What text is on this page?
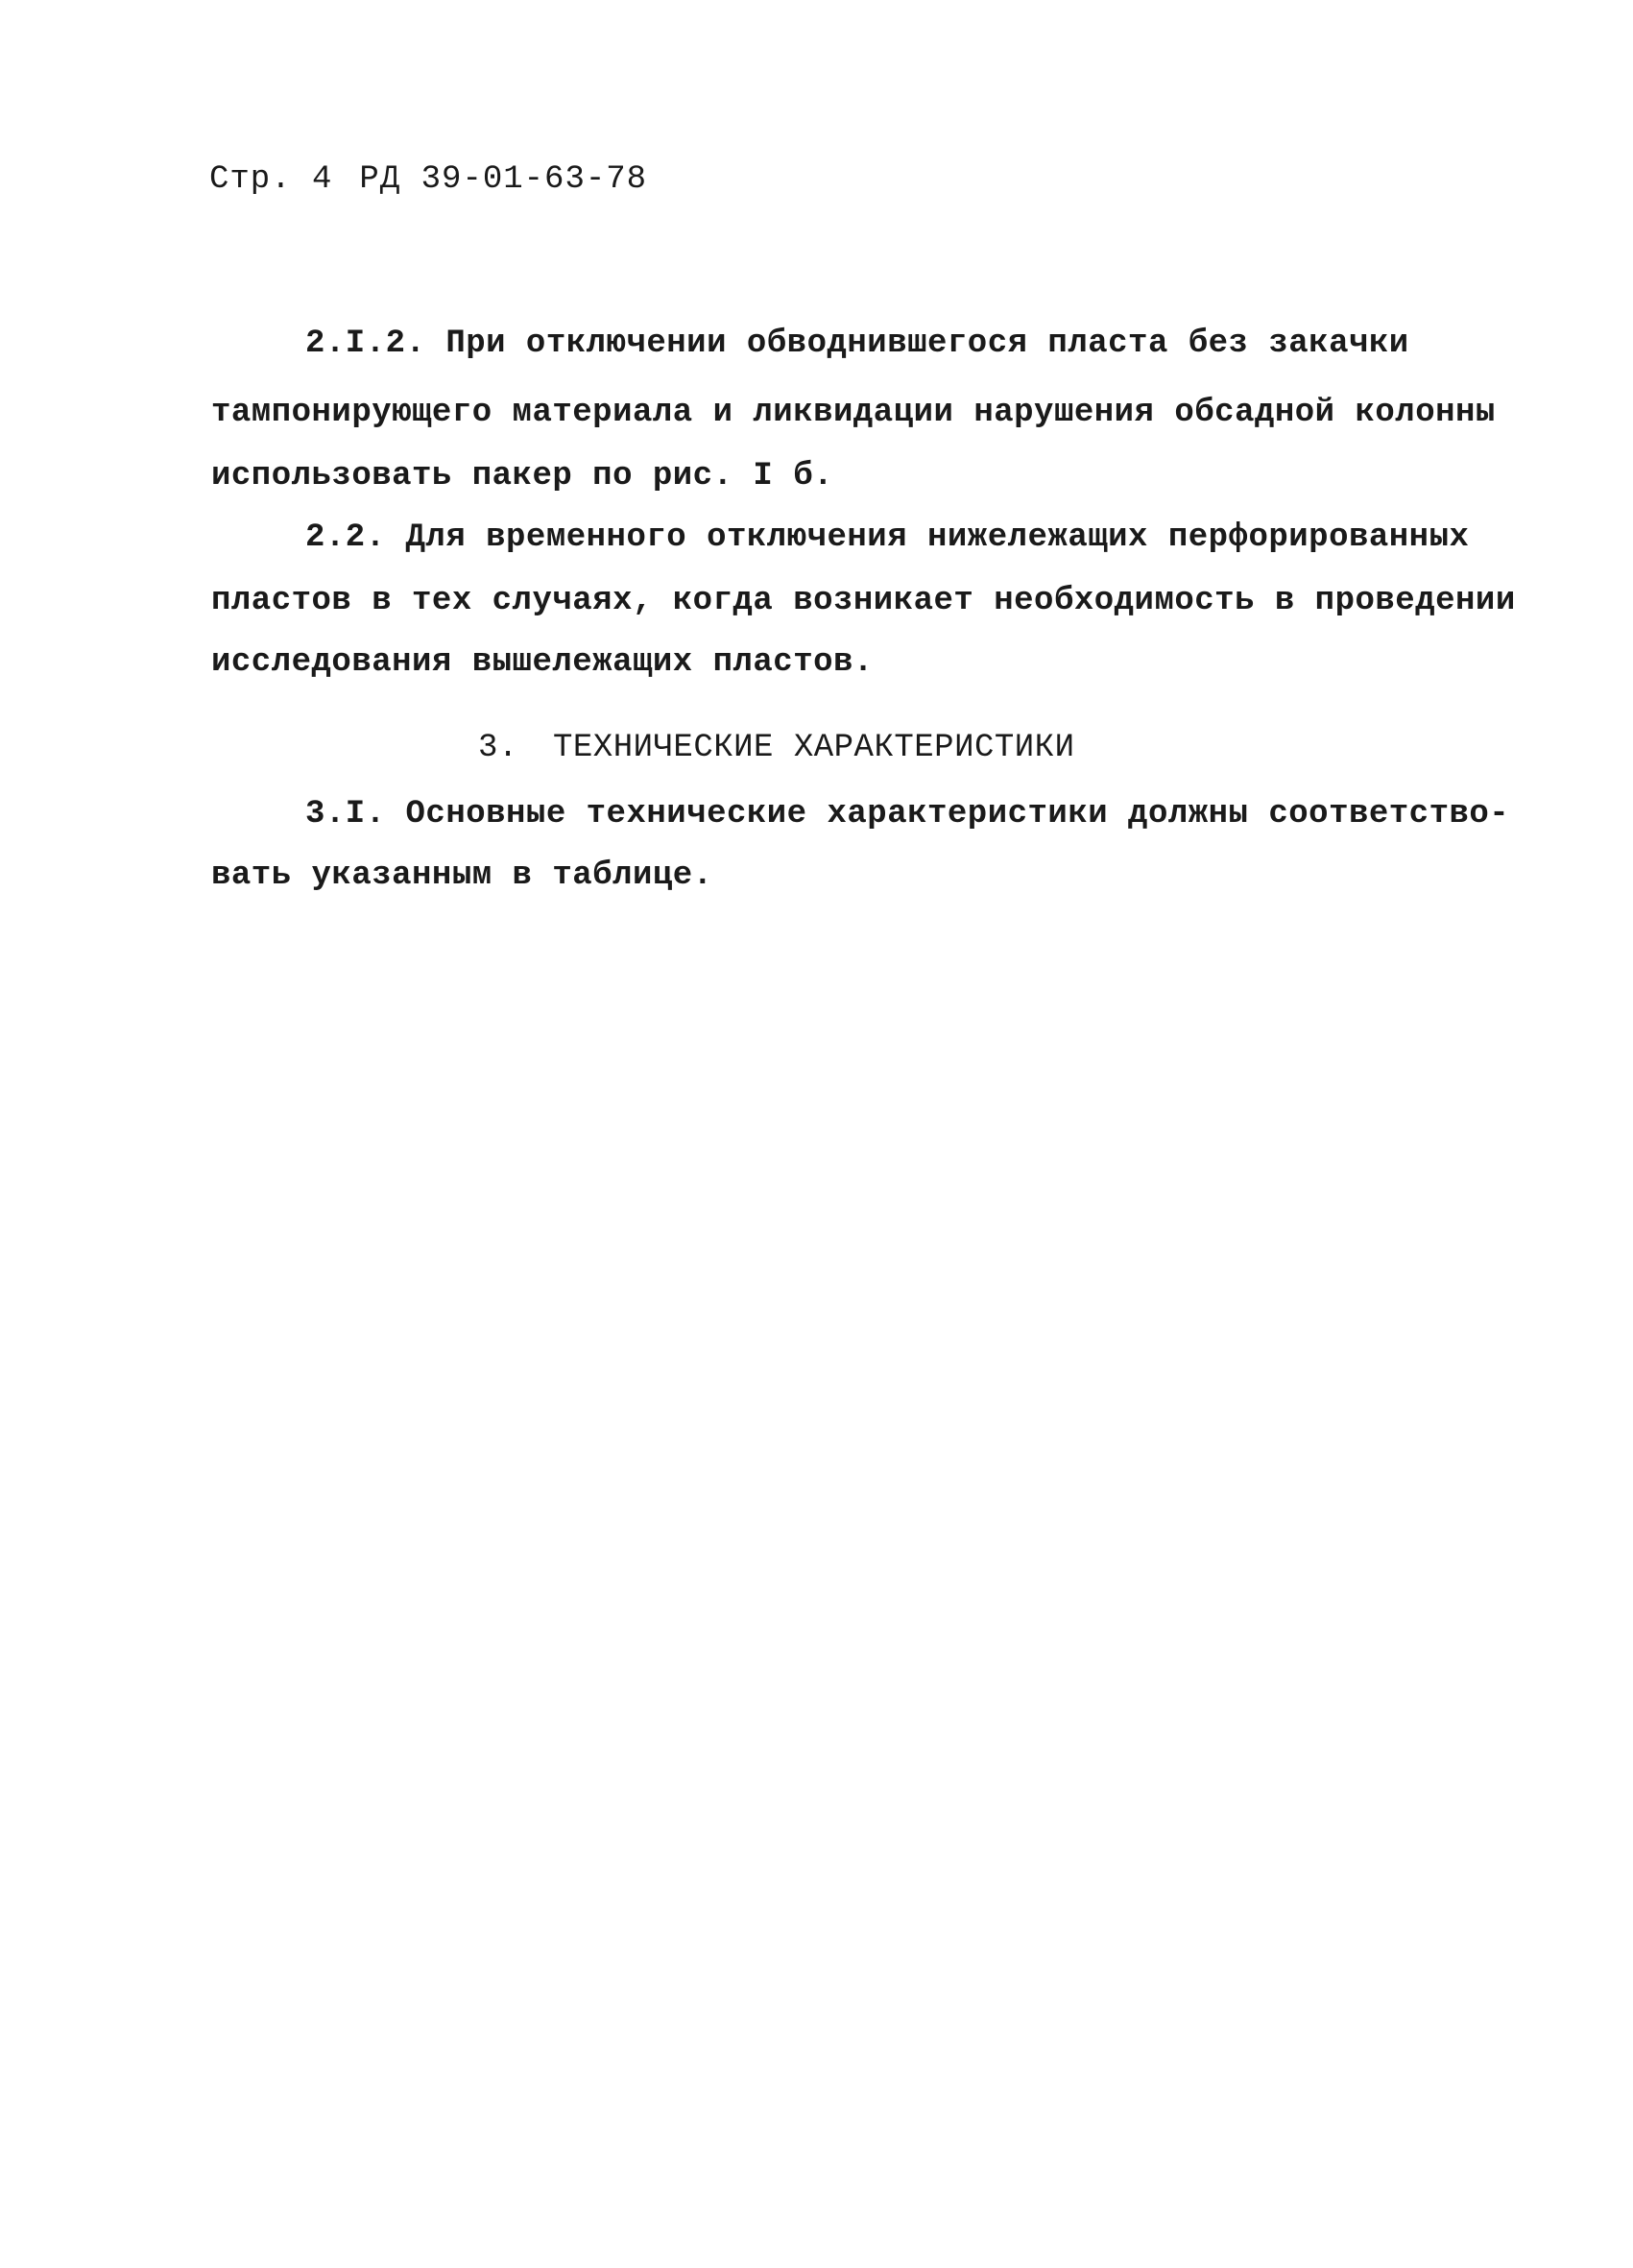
Стр. 4 РД 39-01-63-78
2.I.2. При отключении обводнившегося пласта без закачки
тампонирующего материала и ликвидации нарушения обсадной колонны
использовать пакер по рис. I б.
2.2. Для временного отключения нижележащих перфорированных
пластов в тех случаях, когда возникает необходимость в проведении
исследования вышележащих пластов.
3. ТЕХНИЧЕСКИЕ ХАРАКТЕРИСТИКИ
3.I. Основные технические характеристики должны соответство-
вать указанным в таблице.
